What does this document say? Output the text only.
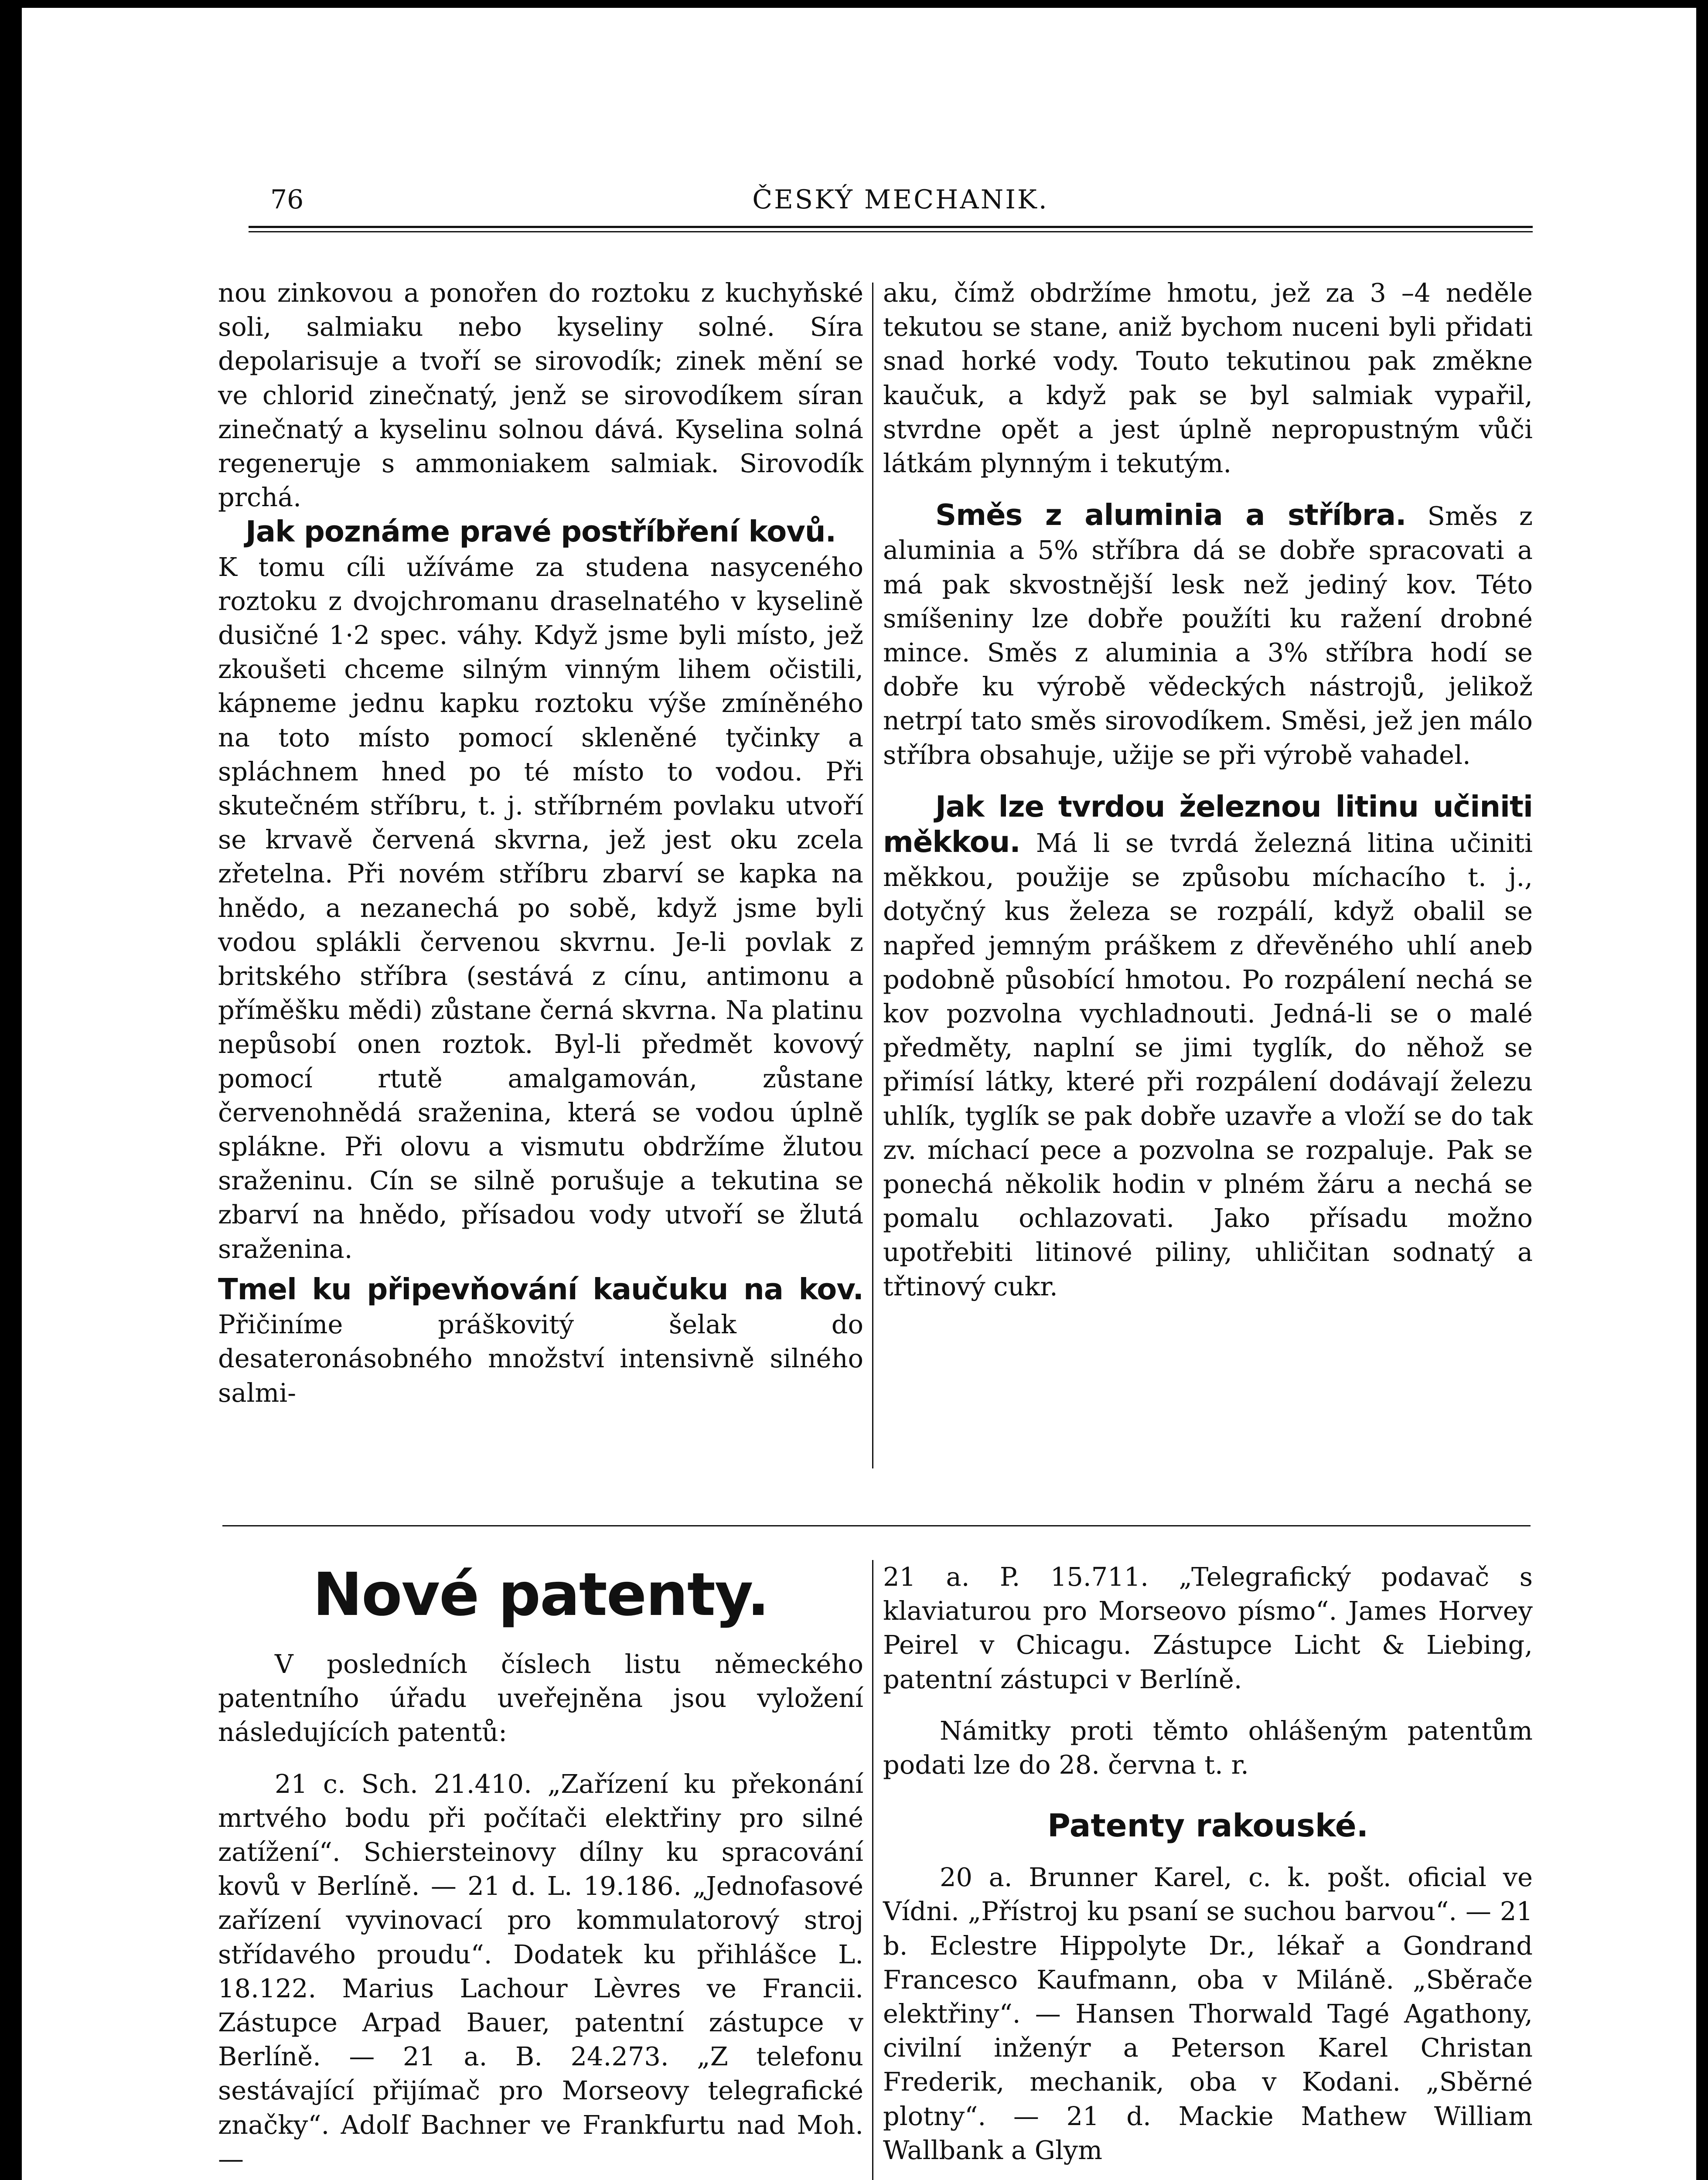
76	ČESKÝ MECHANIK.

nou zinkovou a ponořen do roztoku z kuchyňské soli, salmiaku nebo kyseliny solné. Síra depolarisuje a tvoří se sirovodík; zinek mění se ve chlorid zinečnatý, jenž se sirovodíkem síran zinečnatý a kyselinu solnou dává. Kyselina solná regeneruje s ammoniakem salmiak. Sirovodík prchá.

Jak poznáme pravé postříbření kovů.

K tomu cíli užíváme za studena nasyceného roztoku z dvojchromanu draselnatého v kyselině dusičné 1·2 spec. váhy. Když jsme byli místo, jež zkoušeti chceme silným vinným lihem očistili, kápneme jednu kapku roztoku výše zmíněného na toto místo pomocí skleněné tyčinky a spláchnem hned po té místo to vodou. Při skutečném stříbru, t. j. stříbrném povlaku utvoří se krvavě červená skvrna, jež jest oku zcela zřetelna. Při novém stříbru zbarví se kapka na hnědo, a nezanechá po sobě, když jsme byli vodou splákli červenou skvrnu. Je-li povlak z britského stříbra (sestává z cínu, antimonu a příměšku mědi) zůstane černá skvrna. Na platinu nepůsobí onen roztok. Byl-li předmět kovový pomocí rtutě amalgamován, zůstane červenohnědá sraženina, která se vodou úplně splákne. Při olovu a vismutu obdržíme žlutou sraženinu. Cín se silně porušuje a tekutina se zbarví na hnědo, přísadou vody utvoří se žlutá sraženina.

Tmel ku připevňování kaučuku na kov. Přičiníme práškovitý šelak do desateronásobného množství intensivně silného salmi-

aku, čímž obdržíme hmotu, jež za 3 –4 neděle tekutou se stane, aniž bychom nuceni byli přidati snad horké vody. Touto tekutinou pak změkne kaučuk, a když pak se byl salmiak vypařil, stvrdne opět a jest úplně nepropustným vůči látkám plynným i tekutým.

Směs z aluminia a stříbra. Směs z aluminia a 5% stříbra dá se dobře spracovati a má pak skvostnější lesk než jediný kov. Této smíšeniny lze dobře použíti ku ražení drobné mince. Směs z aluminia a 3% stříbra hodí se dobře ku výrobě vědeckých nástrojů, jelikož netrpí tato směs sirovodíkem. Směsi, jež jen málo stříbra obsahuje, užije se při výrobě vahadel.

Jak lze tvrdou železnou litinu učiniti měkkou. Má li se tvrdá železná litina učiniti měkkou, použije se způsobu míchacího t. j., dotyčný kus železa se rozpálí, když obalil se napřed jemným práškem z dřevěného uhlí aneb podobně působící hmotou. Po rozpálení nechá se kov pozvolna vychladnouti. Jedná-li se o malé předměty, naplní se jimi tyglík, do něhož se přimísí látky, které při rozpálení dodávají železu uhlík, tyglík se pak dobře uzavře a vloží se do tak zv. míchací pece a pozvolna se rozpaluje. Pak se ponechá několik hodin v plném žáru a nechá se pomalu ochlazovati. Jako přísadu možno upotřebiti litinové piliny, uhličitan sodnatý a třtinový cukr.

Nové patenty.

V posledních číslech listu německého patentního úřadu uveřejněna jsou vyložení následujících patentů:

21 c. Sch. 21.410. „Zařízení ku překonání mrtvého bodu při počítači elektřiny pro silné zatížení“. Schiersteinovy dílny ku spracování kovů v Berlíně. — 21 d. L. 19.186. „Jednofasové zařízení vyvinovací pro kommulatorový stroj střídavého proudu“. Dodatek ku přihlášce L. 18.122. Marius Lachour Lèvres ve Francii. Zástupce Arpad Bauer, patentní zástupce v Berlíně. — 21 a. B. 24.273. „Z telefonu sestávající přijímač pro Morseovy telegrafické značky“. Adolf Bachner ve Frankfurtu nad Moh. —

21 a. P. 15.711. „Telegrafický podavač s klaviaturou pro Morseovo písmo“. James Horvey Peirel v Chicagu. Zástupce Licht & Liebing, patentní zástupci v Berlíně.

Námitky proti těmto ohlášeným patentům podati lze do 28. června t. r.

Patenty rakouské.

20 a. Brunner Karel, c. k. pošt. oficial ve Vídni. „Přístroj ku psaní se suchou barvou“. — 21 b. Eclestre Hippolyte Dr., lékař a Gondrand Francesco Kaufmann, oba v Miláně. „Sběrače elektřiny“. — Hansen Thorwald Tagé Agathony, civilní inženýr a Peterson Karel Christan Frederik, mechanik, oba v Kodani. „Sběrné plotny“. — 21 d. Mackie Mathew William Wallbank a Glym
